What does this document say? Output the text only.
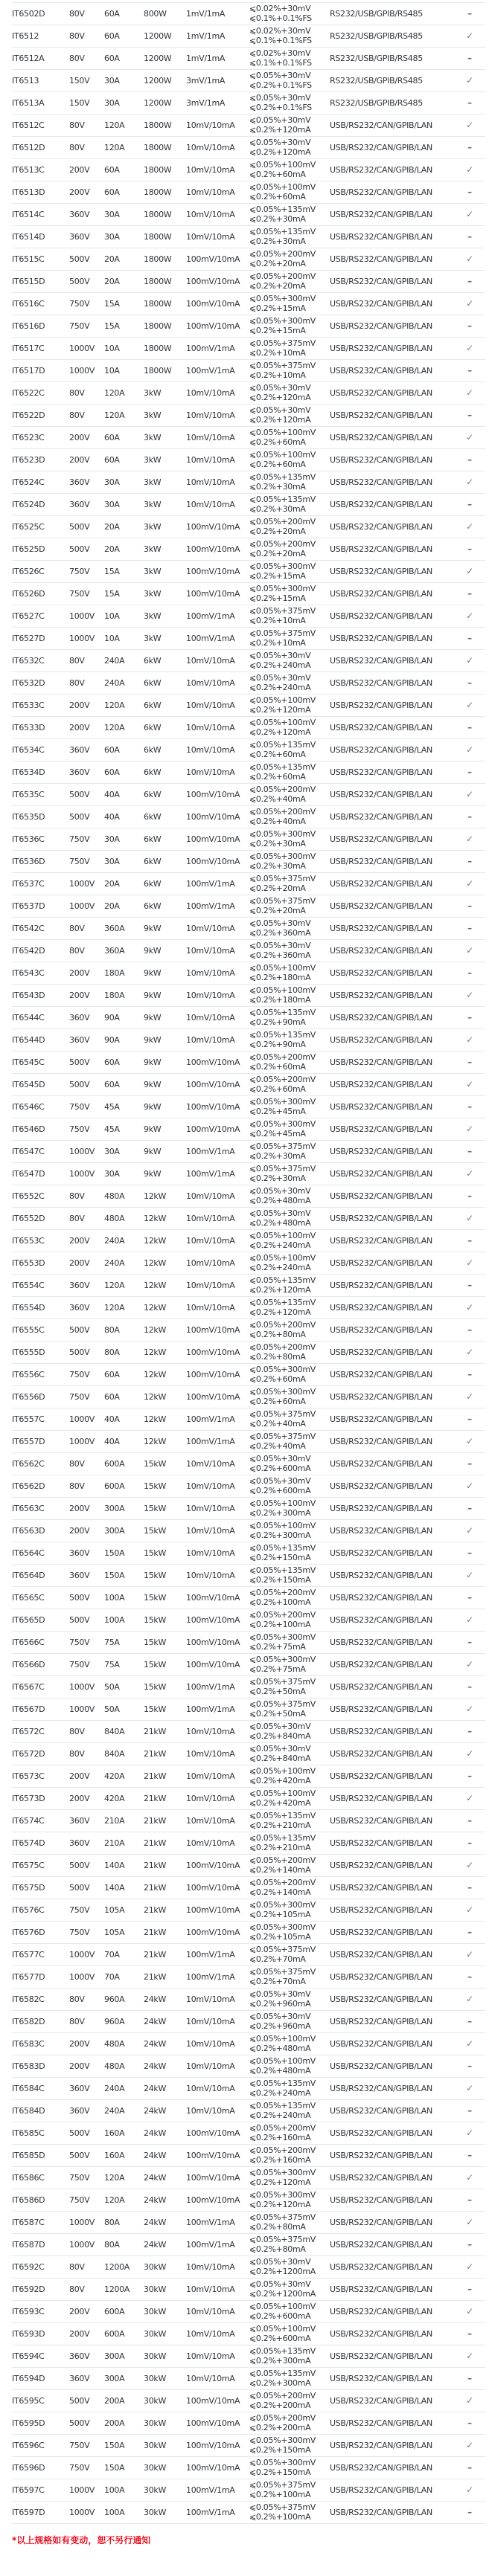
IT6502D	80V	60A	800W	1mV/1mA	⩽0.02%+30mV
⩽0.1%+0.1%FS	RS232/USB/GPIB/RS485	–
IT6512	80V	60A	1200W	1mV/1mA	⩽0.02%+30mV
⩽0.1%+0.1%FS	RS232/USB/GPIB/RS485	✓
IT6512A	80V	60A	1200W	1mV/1mA	⩽0.02%+30mV
⩽0.1%+0.1%FS	RS232/USB/GPIB/RS485	–
IT6513	150V	30A	1200W	3mV/1mA	⩽0.05%+30mV
⩽0.2%+0.1%FS	RS232/USB/GPIB/RS485	✓
IT6513A	150V	30A	1200W	3mV/1mA	⩽0.05%+30mV
⩽0.2%+0.1%FS	RS232/USB/GPIB/RS485	–
IT6512C	80V	120A	1800W	10mV/10mA	⩽0.05%+30mV
⩽0.2%+120mA	USB/RS232/CAN/GPIB/LAN	✓
IT6512D	80V	120A	1800W	10mV/10mA	⩽0.05%+30mV
⩽0.2%+120mA	USB/RS232/CAN/GPIB/LAN	–
IT6513C	200V	60A	1800W	10mV/10mA	⩽0.05%+100mV
⩽0.2%+60mA	USB/RS232/CAN/GPIB/LAN	✓
IT6513D	200V	60A	1800W	10mV/10mA	⩽0.05%+100mV
⩽0.2%+60mA	USB/RS232/CAN/GPIB/LAN	–
IT6514C	360V	30A	1800W	10mV/10mA	⩽0.05%+135mV
⩽0.2%+30mA	USB/RS232/CAN/GPIB/LAN	✓
IT6514D	360V	30A	1800W	10mV/10mA	⩽0.05%+135mV
⩽0.2%+30mA	USB/RS232/CAN/GPIB/LAN	–
IT6515C	500V	20A	1800W	100mV/10mA	⩽0.05%+200mV
⩽0.2%+20mA	USB/RS232/CAN/GPIB/LAN	✓
IT6515D	500V	20A	1800W	100mV/10mA	⩽0.05%+200mV
⩽0.2%+20mA	USB/RS232/CAN/GPIB/LAN	–
IT6516C	750V	15A	1800W	100mV/10mA	⩽0.05%+300mV
⩽0.2%+15mA	USB/RS232/CAN/GPIB/LAN	✓
IT6516D	750V	15A	1800W	100mV/10mA	⩽0.05%+300mV
⩽0.2%+15mA	USB/RS232/CAN/GPIB/LAN	–
IT6517C	1000V	10A	1800W	100mV/1mA	⩽0.05%+375mV
⩽0.2%+10mA	USB/RS232/CAN/GPIB/LAN	✓
IT6517D	1000V	10A	1800W	100mV/1mA	⩽0.05%+375mV
⩽0.2%+10mA	USB/RS232/CAN/GPIB/LAN	–
IT6522C	80V	120A	3kW	10mV/10mA	⩽0.05%+30mV
⩽0.2%+120mA	USB/RS232/CAN/GPIB/LAN	✓
IT6522D	80V	120A	3kW	10mV/10mA	⩽0.05%+30mV
⩽0.2%+120mA	USB/RS232/CAN/GPIB/LAN	–
IT6523C	200V	60A	3kW	10mV/10mA	⩽0.05%+100mV
⩽0.2%+60mA	USB/RS232/CAN/GPIB/LAN	✓
IT6523D	200V	60A	3kW	10mV/10mA	⩽0.05%+100mV
⩽0.2%+60mA	USB/RS232/CAN/GPIB/LAN	–
IT6524C	360V	30A	3kW	10mV/10mA	⩽0.05%+135mV
⩽0.2%+30mA	USB/RS232/CAN/GPIB/LAN	✓
IT6524D	360V	30A	3kW	10mV/10mA	⩽0.05%+135mV
⩽0.2%+30mA	USB/RS232/CAN/GPIB/LAN	–
IT6525C	500V	20A	3kW	100mV/10mA	⩽0.05%+200mV
⩽0.2%+20mA	USB/RS232/CAN/GPIB/LAN	✓
IT6525D	500V	20A	3kW	100mV/10mA	⩽0.05%+200mV
⩽0.2%+20mA	USB/RS232/CAN/GPIB/LAN	–
IT6526C	750V	15A	3kW	100mV/10mA	⩽0.05%+300mV
⩽0.2%+15mA	USB/RS232/CAN/GPIB/LAN	✓
IT6526D	750V	15A	3kW	100mV/10mA	⩽0.05%+300mV
⩽0.2%+15mA	USB/RS232/CAN/GPIB/LAN	–
IT6527C	1000V	10A	3kW	100mV/1mA	⩽0.05%+375mV
⩽0.2%+10mA	USB/RS232/CAN/GPIB/LAN	✓
IT6527D	1000V	10A	3kW	100mV/1mA	⩽0.05%+375mV
⩽0.2%+10mA	USB/RS232/CAN/GPIB/LAN	–
IT6532C	80V	240A	6kW	10mV/10mA	⩽0.05%+30mV
⩽0.2%+240mA	USB/RS232/CAN/GPIB/LAN	✓
IT6532D	80V	240A	6kW	10mV/10mA	⩽0.05%+30mV
⩽0.2%+240mA	USB/RS232/CAN/GPIB/LAN	–
IT6533C	200V	120A	6kW	10mV/10mA	⩽0.05%+100mV
⩽0.2%+120mA	USB/RS232/CAN/GPIB/LAN	✓
IT6533D	200V	120A	6kW	10mV/10mA	⩽0.05%+100mV
⩽0.2%+120mA	USB/RS232/CAN/GPIB/LAN	–
IT6534C	360V	60A	6kW	10mV/10mA	⩽0.05%+135mV
⩽0.2%+60mA	USB/RS232/CAN/GPIB/LAN	✓
IT6534D	360V	60A	6kW	10mV/10mA	⩽0.05%+135mV
⩽0.2%+60mA	USB/RS232/CAN/GPIB/LAN	–
IT6535C	500V	40A	6kW	100mV/10mA	⩽0.05%+200mV
⩽0.2%+40mA	USB/RS232/CAN/GPIB/LAN	✓
IT6535D	500V	40A	6kW	100mV/10mA	⩽0.05%+200mV
⩽0.2%+40mA	USB/RS232/CAN/GPIB/LAN	–
IT6536C	750V	30A	6kW	100mV/10mA	⩽0.05%+300mV
⩽0.2%+30mA	USB/RS232/CAN/GPIB/LAN	✓
IT6536D	750V	30A	6kW	100mV/10mA	⩽0.05%+300mV
⩽0.2%+30mA	USB/RS232/CAN/GPIB/LAN	–
IT6537C	1000V	20A	6kW	100mV/1mA	⩽0.05%+375mV
⩽0.2%+20mA	USB/RS232/CAN/GPIB/LAN	✓
IT6537D	1000V	20A	6kW	100mV/1mA	⩽0.05%+375mV
⩽0.2%+20mA	USB/RS232/CAN/GPIB/LAN	–
IT6542C	80V	360A	9kW	10mV/10mA	⩽0.05%+30mV
⩽0.2%+360mA	USB/RS232/CAN/GPIB/LAN	–
IT6542D	80V	360A	9kW	10mV/10mA	⩽0.05%+30mV
⩽0.2%+360mA	USB/RS232/CAN/GPIB/LAN	✓
IT6543C	200V	180A	9kW	10mV/10mA	⩽0.05%+100mV
⩽0.2%+180mA	USB/RS232/CAN/GPIB/LAN	–
IT6543D	200V	180A	9kW	10mV/10mA	⩽0.05%+100mV
⩽0.2%+180mA	USB/RS232/CAN/GPIB/LAN	✓
IT6544C	360V	90A	9kW	10mV/10mA	⩽0.05%+135mV
⩽0.2%+90mA	USB/RS232/CAN/GPIB/LAN	–
IT6544D	360V	90A	9kW	10mV/10mA	⩽0.05%+135mV
⩽0.2%+90mA	USB/RS232/CAN/GPIB/LAN	✓
IT6545C	500V	60A	9kW	100mV/10mA	⩽0.05%+200mV
⩽0.2%+60mA	USB/RS232/CAN/GPIB/LAN	–
IT6545D	500V	60A	9kW	100mV/10mA	⩽0.05%+200mV
⩽0.2%+60mA	USB/RS232/CAN/GPIB/LAN	✓
IT6546C	750V	45A	9kW	100mV/10mA	⩽0.05%+300mV
⩽0.2%+45mA	USB/RS232/CAN/GPIB/LAN	–
IT6546D	750V	45A	9kW	100mV/10mA	⩽0.05%+300mV
⩽0.2%+45mA	USB/RS232/CAN/GPIB/LAN	✓
IT6547C	1000V	30A	9kW	100mV/1mA	⩽0.05%+375mV
⩽0.2%+30mA	USB/RS232/CAN/GPIB/LAN	–
IT6547D	1000V	30A	9kW	100mV/1mA	⩽0.05%+375mV
⩽0.2%+30mA	USB/RS232/CAN/GPIB/LAN	✓
IT6552C	80V	480A	12kW	10mV/10mA	⩽0.05%+30mV
⩽0.2%+480mA	USB/RS232/CAN/GPIB/LAN	–
IT6552D	80V	480A	12kW	10mV/10mA	⩽0.05%+30mV
⩽0.2%+480mA	USB/RS232/CAN/GPIB/LAN	✓
IT6553C	200V	240A	12kW	10mV/10mA	⩽0.05%+100mV
⩽0.2%+240mA	USB/RS232/CAN/GPIB/LAN	–
IT6553D	200V	240A	12kW	10mV/10mA	⩽0.05%+100mV
⩽0.2%+240mA	USB/RS232/CAN/GPIB/LAN	✓
IT6554C	360V	120A	12kW	10mV/10mA	⩽0.05%+135mV
⩽0.2%+120mA	USB/RS232/CAN/GPIB/LAN	–
IT6554D	360V	120A	12kW	10mV/10mA	⩽0.05%+135mV
⩽0.2%+120mA	USB/RS232/CAN/GPIB/LAN	✓
IT6555C	500V	80A	12kW	100mV/10mA	⩽0.05%+200mV
⩽0.2%+80mA	USB/RS232/CAN/GPIB/LAN	–
IT6555D	500V	80A	12kW	100mV/10mA	⩽0.05%+200mV
⩽0.2%+80mA	USB/RS232/CAN/GPIB/LAN	✓
IT6556C	750V	60A	12kW	100mV/10mA	⩽0.05%+300mV
⩽0.2%+60mA	USB/RS232/CAN/GPIB/LAN	–
IT6556D	750V	60A	12kW	100mV/10mA	⩽0.05%+300mV
⩽0.2%+60mA	USB/RS232/CAN/GPIB/LAN	✓
IT6557C	1000V	40A	12kW	100mV/1mA	⩽0.05%+375mV
⩽0.2%+40mA	USB/RS232/CAN/GPIB/LAN	–
IT6557D	1000V	40A	12kW	100mV/1mA	⩽0.05%+375mV
⩽0.2%+40mA	USB/RS232/CAN/GPIB/LAN	✓
IT6562C	80V	600A	15kW	10mV/10mA	⩽0.05%+30mV
⩽0.2%+600mA	USB/RS232/CAN/GPIB/LAN	–
IT6562D	80V	600A	15kW	10mV/10mA	⩽0.05%+30mV
⩽0.2%+600mA	USB/RS232/CAN/GPIB/LAN	✓
IT6563C	200V	300A	15kW	10mV/10mA	⩽0.05%+100mV
⩽0.2%+300mA	USB/RS232/CAN/GPIB/LAN	–
IT6563D	200V	300A	15kW	10mV/10mA	⩽0.05%+100mV
⩽0.2%+300mA	USB/RS232/CAN/GPIB/LAN	✓
IT6564C	360V	150A	15kW	10mV/10mA	⩽0.05%+135mV
⩽0.2%+150mA	USB/RS232/CAN/GPIB/LAN	–
IT6564D	360V	150A	15kW	10mV/10mA	⩽0.05%+135mV
⩽0.2%+150mA	USB/RS232/CAN/GPIB/LAN	✓
IT6565C	500V	100A	15kW	100mV/10mA	⩽0.05%+200mV
⩽0.2%+100mA	USB/RS232/CAN/GPIB/LAN	–
IT6565D	500V	100A	15kW	100mV/10mA	⩽0.05%+200mV
⩽0.2%+100mA	USB/RS232/CAN/GPIB/LAN	✓
IT6566C	750V	75A	15kW	100mV/10mA	⩽0.05%+300mV
⩽0.2%+75mA	USB/RS232/CAN/GPIB/LAN	–
IT6566D	750V	75A	15kW	100mV/10mA	⩽0.05%+300mV
⩽0.2%+75mA	USB/RS232/CAN/GPIB/LAN	✓
IT6567C	1000V	50A	15kW	100mV/1mA	⩽0.05%+375mV
⩽0.2%+50mA	USB/RS232/CAN/GPIB/LAN	–
IT6567D	1000V	50A	15kW	100mV/1mA	⩽0.05%+375mV
⩽0.2%+50mA	USB/RS232/CAN/GPIB/LAN	✓
IT6572C	80V	840A	21kW	10mV/10mA	⩽0.05%+30mV
⩽0.2%+840mA	USB/RS232/CAN/GPIB/LAN	–
IT6572D	80V	840A	21kW	10mV/10mA	⩽0.05%+30mV
⩽0.2%+840mA	USB/RS232/CAN/GPIB/LAN	✓
IT6573C	200V	420A	21kW	10mV/10mA	⩽0.05%+100mV
⩽0.2%+420mA	USB/RS232/CAN/GPIB/LAN	–
IT6573D	200V	420A	21kW	10mV/10mA	⩽0.05%+100mV
⩽0.2%+420mA	USB/RS232/CAN/GPIB/LAN	✓
IT6574C	360V	210A	21kW	10mV/10mA	⩽0.05%+135mV
⩽0.2%+210mA	USB/RS232/CAN/GPIB/LAN	–
IT6574D	360V	210A	21kW	10mV/10mA	⩽0.05%+135mV
⩽0.2%+210mA	USB/RS232/CAN/GPIB/LAN	–
IT6575C	500V	140A	21kW	100mV/10mA	⩽0.05%+200mV
⩽0.2%+140mA	USB/RS232/CAN/GPIB/LAN	✓
IT6575D	500V	140A	21kW	100mV/10mA	⩽0.05%+200mV
⩽0.2%+140mA	USB/RS232/CAN/GPIB/LAN	–
IT6576C	750V	105A	21kW	100mV/10mA	⩽0.05%+300mV
⩽0.2%+105mA	USB/RS232/CAN/GPIB/LAN	✓
IT6576D	750V	105A	21kW	100mV/10mA	⩽0.05%+300mV
⩽0.2%+105mA	USB/RS232/CAN/GPIB/LAN	–
IT6577C	1000V	70A	21kW	100mV/1mA	⩽0.05%+375mV
⩽0.2%+70mA	USB/RS232/CAN/GPIB/LAN	✓
IT6577D	1000V	70A	21kW	100mV/1mA	⩽0.05%+375mV
⩽0.2%+70mA	USB/RS232/CAN/GPIB/LAN	–
IT6582C	80V	960A	24kW	10mV/10mA	⩽0.05%+30mV
⩽0.2%+960mA	USB/RS232/CAN/GPIB/LAN	✓
IT6582D	80V	960A	24kW	10mV/10mA	⩽0.05%+30mV
⩽0.2%+960mA	USB/RS232/CAN/GPIB/LAN	–
IT6583C	200V	480A	24kW	10mV/10mA	⩽0.05%+100mV
⩽0.2%+480mA	USB/RS232/CAN/GPIB/LAN	✓
IT6583D	200V	480A	24kW	10mV/10mA	⩽0.05%+100mV
⩽0.2%+480mA	USB/RS232/CAN/GPIB/LAN	–
IT6584C	360V	240A	24kW	10mV/10mA	⩽0.05%+135mV
⩽0.2%+240mA	USB/RS232/CAN/GPIB/LAN	✓
IT6584D	360V	240A	24kW	10mV/10mA	⩽0.05%+135mV
⩽0.2%+240mA	USB/RS232/CAN/GPIB/LAN	–
IT6585C	500V	160A	24kW	100mV/10mA	⩽0.05%+200mV
⩽0.2%+160mA	USB/RS232/CAN/GPIB/LAN	✓
IT6585D	500V	160A	24kW	100mV/10mA	⩽0.05%+200mV
⩽0.2%+160mA	USB/RS232/CAN/GPIB/LAN	–
IT6586C	750V	120A	24kW	100mV/10mA	⩽0.05%+300mV
⩽0.2%+120mA	USB/RS232/CAN/GPIB/LAN	✓
IT6586D	750V	120A	24kW	100mV/10mA	⩽0.05%+300mV
⩽0.2%+120mA	USB/RS232/CAN/GPIB/LAN	–
IT6587C	1000V	80A	24kW	100mV/1mA	⩽0.05%+375mV
⩽0.2%+80mA	USB/RS232/CAN/GPIB/LAN	✓
IT6587D	1000V	80A	24kW	100mV/1mA	⩽0.05%+375mV
⩽0.2%+80mA	USB/RS232/CAN/GPIB/LAN	–
IT6592C	80V	1200A	30kW	10mV/10mA	⩽0.05%+30mV
⩽0.2%+1200mA	USB/RS232/CAN/GPIB/LAN	✓
IT6592D	80V	1200A	30kW	10mV/10mA	⩽0.05%+30mV
⩽0.2%+1200mA	USB/RS232/CAN/GPIB/LAN	–
IT6593C	200V	600A	30kW	10mV/10mA	⩽0.05%+100mV
⩽0.2%+600mA	USB/RS232/CAN/GPIB/LAN	✓
IT6593D	200V	600A	30kW	10mV/10mA	⩽0.05%+100mV
⩽0.2%+600mA	USB/RS232/CAN/GPIB/LAN	–
IT6594C	360V	300A	30kW	10mV/10mA	⩽0.05%+135mV
⩽0.2%+300mA	USB/RS232/CAN/GPIB/LAN	✓
IT6594D	360V	300A	30kW	10mV/10mA	⩽0.05%+135mV
⩽0.2%+300mA	USB/RS232/CAN/GPIB/LAN	–
IT6595C	500V	200A	30kW	100mV/10mA	⩽0.05%+200mV
⩽0.2%+200mA	USB/RS232/CAN/GPIB/LAN	✓
IT6595D	500V	200A	30kW	100mV/10mA	⩽0.05%+200mV
⩽0.2%+200mA	USB/RS232/CAN/GPIB/LAN	–
IT6596C	750V	150A	30kW	100mV/10mA	⩽0.05%+300mV
⩽0.2%+150mA	USB/RS232/CAN/GPIB/LAN	✓
IT6596D	750V	150A	30kW	100mV/10mA	⩽0.05%+300mV
⩽0.2%+150mA	USB/RS232/CAN/GPIB/LAN	–
IT6597C	1000V	100A	30kW	100mV/1mA	⩽0.05%+375mV
⩽0.2%+100mA	USB/RS232/CAN/GPIB/LAN	✓
IT6597D	1000V	100A	30kW	100mV/1mA	⩽0.05%+375mV
⩽0.2%+100mA	USB/RS232/CAN/GPIB/LAN	–
*以上规格如有变动，恕不另行通知
